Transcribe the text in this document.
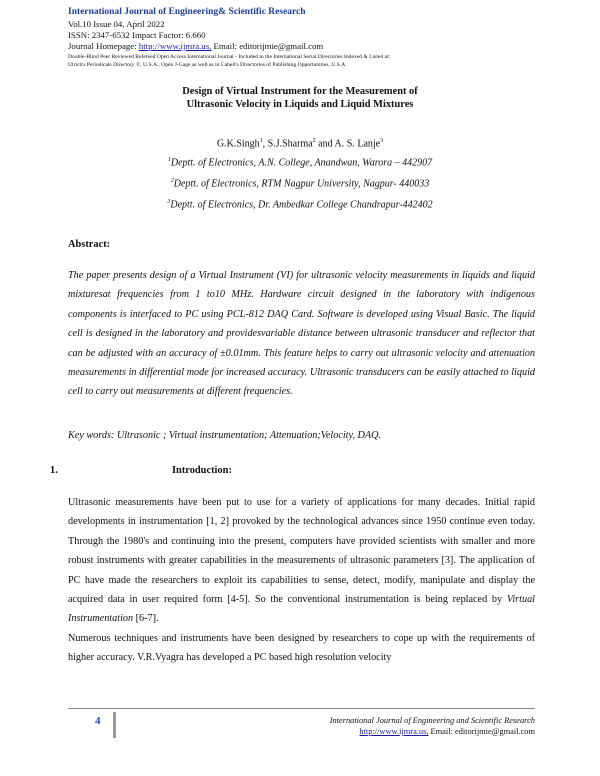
International Journal of Engineering& Scientific Research
Vol.10 Issue 04, April 2022
ISSN: 2347-6532 Impact Factor: 6.660
Journal Homepage: http://www.ijmra.us, Email: editorijmie@gmail.com
Double-Blind Peer Reviewed Refereed Open Access International Journal - Included in the International Serial Directories Indexed & Listed at:
Ulrich's Periodicals Directory ©, U.S.A., Open J-Gage as well as in Cabell's Directories of Publishing Opportunities, U.S.A
Design of Virtual Instrument for the Measurement of
Ultrasonic Velocity in Liquids and Liquid Mixtures
G.K.Singh$^1$, S.J.Sharma$^2$ and A. S. Lanje$^3$
$^1$Deptt. of Electronics, A.N. College, Anandwan, Warora – 442907
$^2$Deptt. of Electronics, RTM Nagpur University, Nagpur- 440033
$^3$Deptt. of Electronics, Dr. Ambedkar College Chandrapur-442402
Abstract:

The paper presents design of a Virtual Instrument (VI) for ultrasonic velocity measurements in liquids and liquid mixturesat frequencies from 1 to10 MHz. Hardware circuit designed in the laboratory with indigenous components is interfaced to PC using PCL-812 DAQ Card. Software is developed using Visual Basic. The liquid cell is designed in the laboratory and providesvariable distance between ultrasonic transducer and reflector that can be adjusted with an accuracy of ±0.01mm. This feature helps to carry out ultrasonic velocity and attenuation measurements in differential mode for increased accuracy. Ultrasonic transducers can be easily attached to liquid cell to carry out measurements at different frequencies.

Key words: Ultrasonic ; Virtual instrumentation; Attenuation;Velocity, DAQ.
1.	Introduction:

Ultrasonic measurements have been put to use for a variety of applications for many decades. Initial rapid developments in instrumentation [1, 2] provoked by the technological advances since 1950 continue even today. Through the 1980's and continuing into the present, computers have provided scientists with smaller and more robust instruments with greater capabilities in the measurements of ultrasonic parameters [3]. The application of PC have made the researchers to exploit its capabilities to sense, detect, modify, manipulate and display the acquired data in user required form [4-5]. So the conventional instrumentation is being replaced by Virtual Instrumentation [6-7].

Numerous techniques and instruments have been designed by researchers to cope up with the requirements of higher accuracy. V.R.Vyagra has developed a PC based high resolution velocity

4	International Journal of Engineering and Scientific Research
http://www.ijmra.us, Email: editorijmie@gmail.com
